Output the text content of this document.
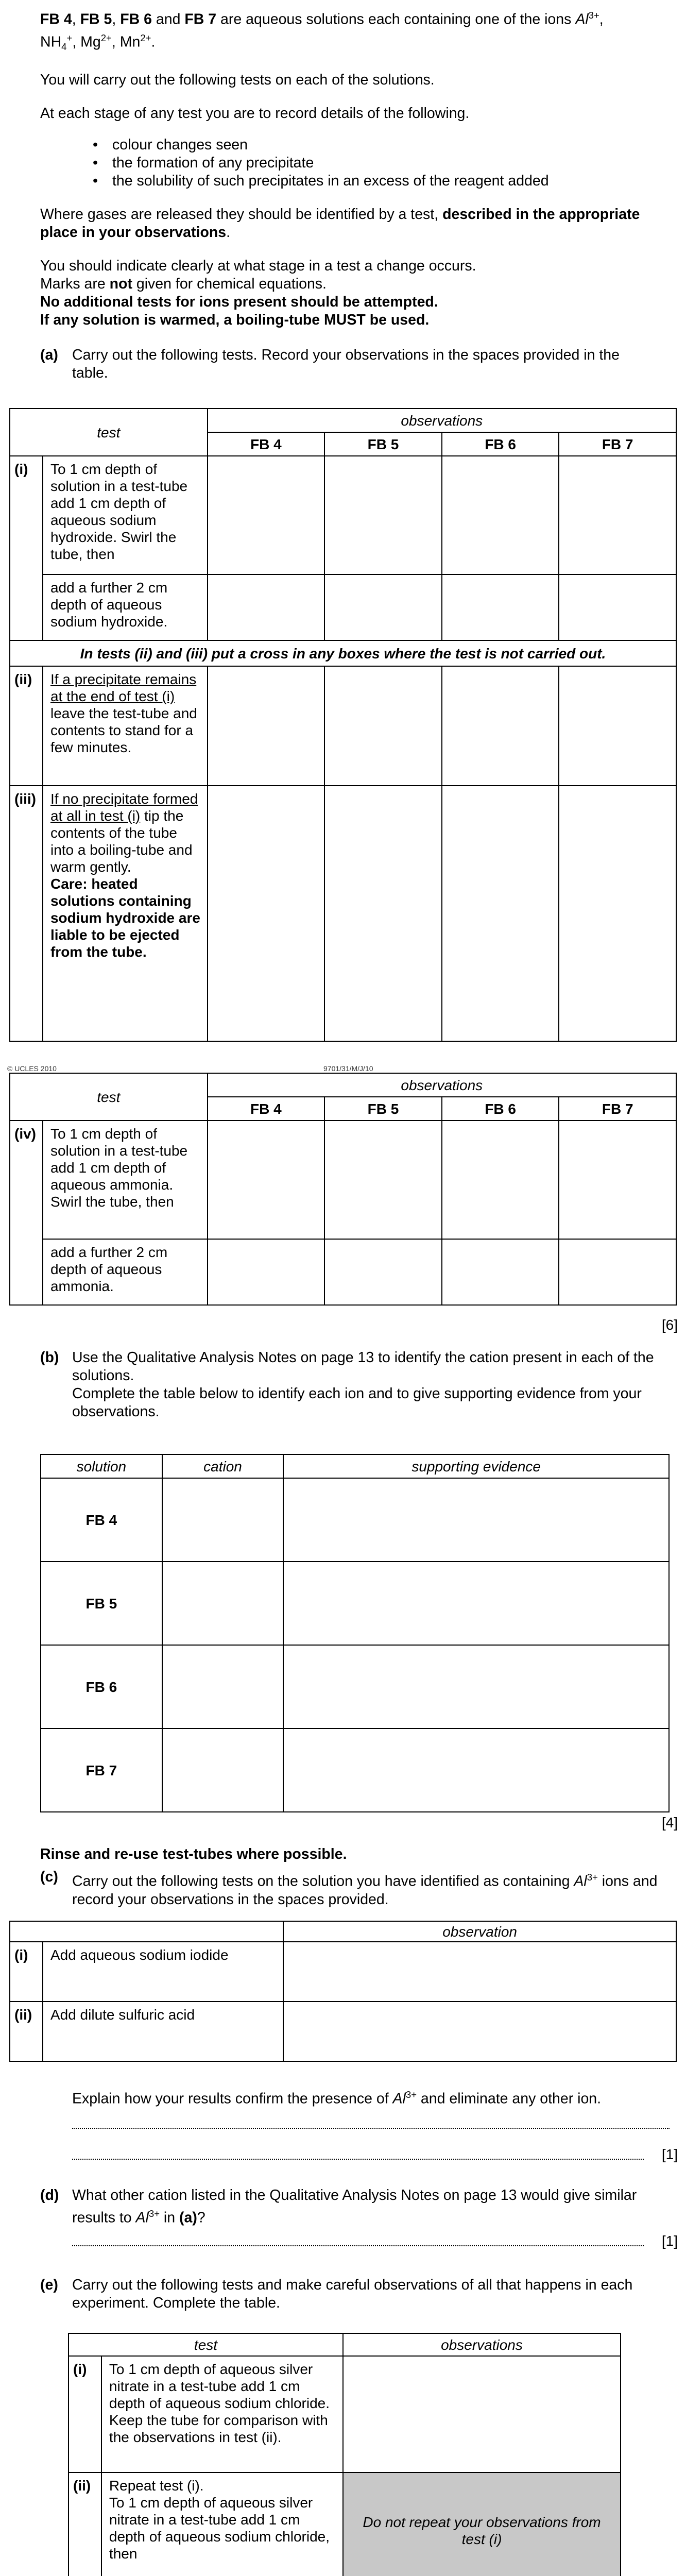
FB 4, FB 5, FB 6 and FB 7 are aqueous solutions each containing one of the ions $Al^{3+}$,
$NH_4^+$, $Mg^{2+}$, $Mn^{2+}$.

You will carry out the following tests on each of the solutions.

At each stage of any test you are to record details of the following.

• colour changes seen
• the formation of any precipitate
• the solubility of such precipitates in an excess of the reagent added

Where gases are released they should be identified by a test, described in the appropriate place in your observations.

You should indicate clearly at what stage in a test a change occurs.

Marks are not given for chemical equations.

No additional tests for ions present should be attempted.

If any solution is warmed, a boiling-tube MUST be used.

(a) Carry out the following tests. Record your observations in the spaces provided in the table.

test		observations			
		FB 4	FB 5	FB 6	FB 7
(i)	To 1 cm depth of solution in a test-tube add 1 cm depth of aqueous sodium hydroxide. Swirl the tube, then				
	add a further 2 cm depth of aqueous sodium hydroxide.				
In tests (ii) and (iii) put a cross in any boxes where the test is not carried out.					
(ii)	If a precipitate remains at the end of test (i) leave the test-tube and contents to stand for a few minutes.				
(iii)	If no precipitate formed at all in test (i) tip the contents of the tube into a boiling-tube and warm gently.
Care: heated solutions containing sodium hydroxide are liable to be ejected from the tube.				
© UCLES 2010	9701/31/M/J/10
test		observations			
		FB 4	FB 5	FB 6	FB 7
(iv)	To 1 cm depth of solution in a test-tube add 1 cm depth of aqueous ammonia. Swirl the tube, then				
	add a further 2 cm depth of aqueous ammonia.				
[6]
(b) Use the Qualitative Analysis Notes on page 13 to identify the cation present in each of the solutions.

Complete the table below to identify each ion and to give supporting evidence from your observations.

solution	cation	supporting evidence
FB 4		
FB 5		
FB 6		
FB 7		
[4]
Rinse and re-use test-tubes where possible.
(c) Carry out the following tests on the solution you have identified as containing $Al^{3+}$ ions and record your observations in the spaces provided.

		observation
(i)	Add aqueous sodium iodide	
(ii)	Add dilute sulfuric acid	
Explain how your results confirm the presence of $Al^{3+}$ and eliminate any other ion.
[1]
(d) What other cation listed in the Qualitative Analysis Notes on page 13 would give similar results to $Al^{3+}$ in (a)?

[1]
(e) Carry out the following tests and make careful observations of all that happens in each experiment. Complete the table.

test		observations
(i)	To 1 cm depth of aqueous silver nitrate in a test-tube add 1 cm depth of aqueous sodium chloride. Keep the tube for comparison with the observations in test (ii).	
(ii)	Repeat test (i).
To 1 cm depth of aqueous silver nitrate in a test-tube add 1 cm depth of aqueous sodium chloride,
then	Do not repeat your observations from test (i)
